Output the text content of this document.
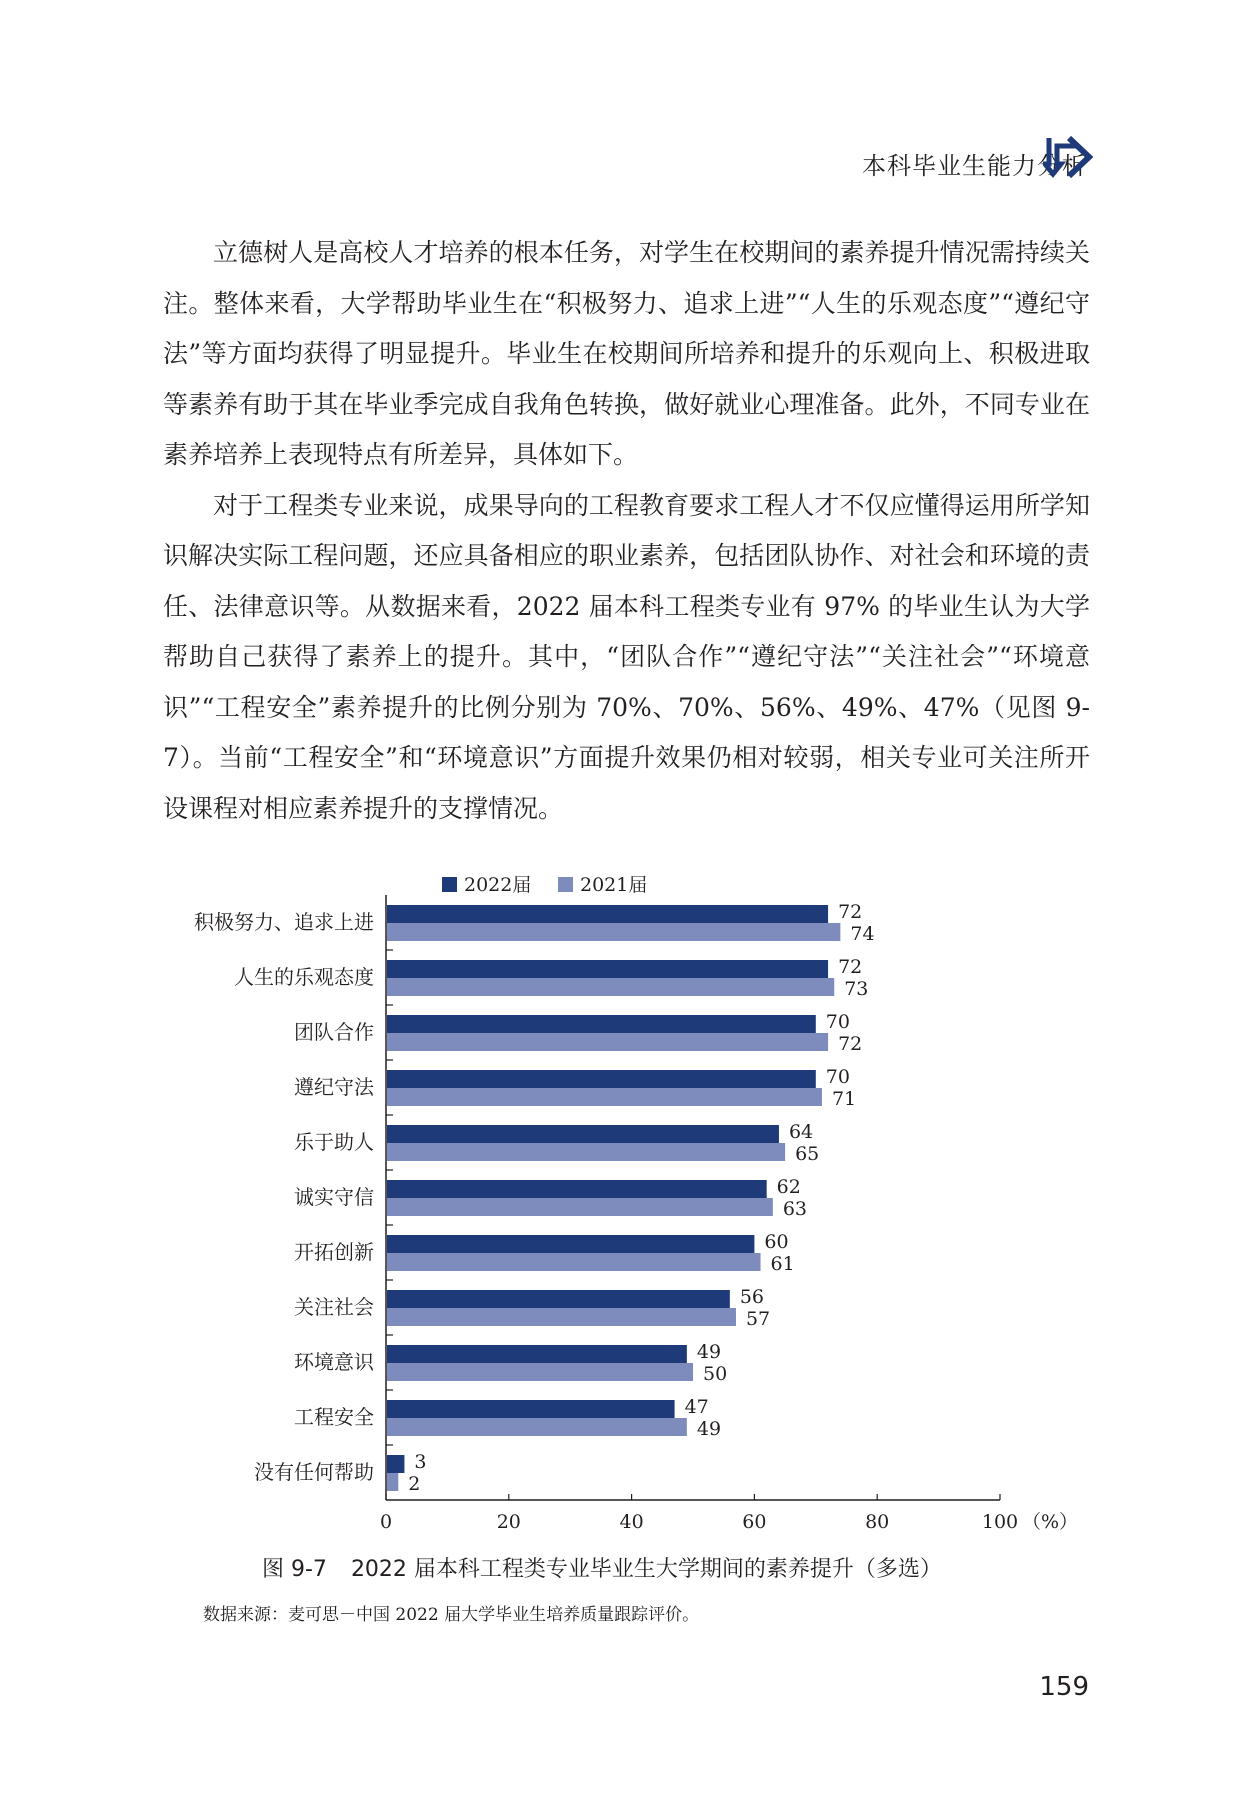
本科毕业生能力分析

立德树人是高校人才培养的根本任务，对学生在校期间的素养提升情况需持续关注。整体来看，大学帮助毕业生在“积极努力、追求上进”“人生的乐观态度”“遵纪守法”等方面均获得了明显提升。毕业生在校期间所培养和提升的乐观向上、积极进取等素养有助于其在毕业季完成自我角色转换，做好就业心理准备。此外，不同专业在素养培养上表现特点有所差异，具体如下。

对于工程类专业来说，成果导向的工程教育要求工程人才不仅应懂得运用所学知识解决实际工程问题，还应具备相应的职业素养，包括团队协作、对社会和环境的责任、法律意识等。从数据来看，2022 届本科工程类专业有 97% 的毕业生认为大学帮助自己获得了素养上的提升。其中，“团队合作”“遵纪守法”“关注社会”“环境意识”“工程安全”素养提升的比例分别为 70%、70%、56%、49%、47%（见图 9-7）。当前“工程安全”和“环境意识”方面提升效果仍相对较弱，相关专业可关注所开设课程对相应素养提升的支撑情况。

2022届	2021届
0	20	40	60	80	100 （%）
积极努力、追求上进	72
74
人生的乐观态度	72
73
团队合作	70
72
遵纪守法	70
71
乐于助人	64
65
诚实守信	62
63
开拓创新	60
61
关注社会	56
57
环境意识	49
50
工程安全	47
49
没有任何帮助 3
2
图 9-7 2022 届本科工程类专业毕业生大学期间的素养提升（多选）
数据来源：麦可思－中国 2022 届大学毕业生培养质量跟踪评价。
159
